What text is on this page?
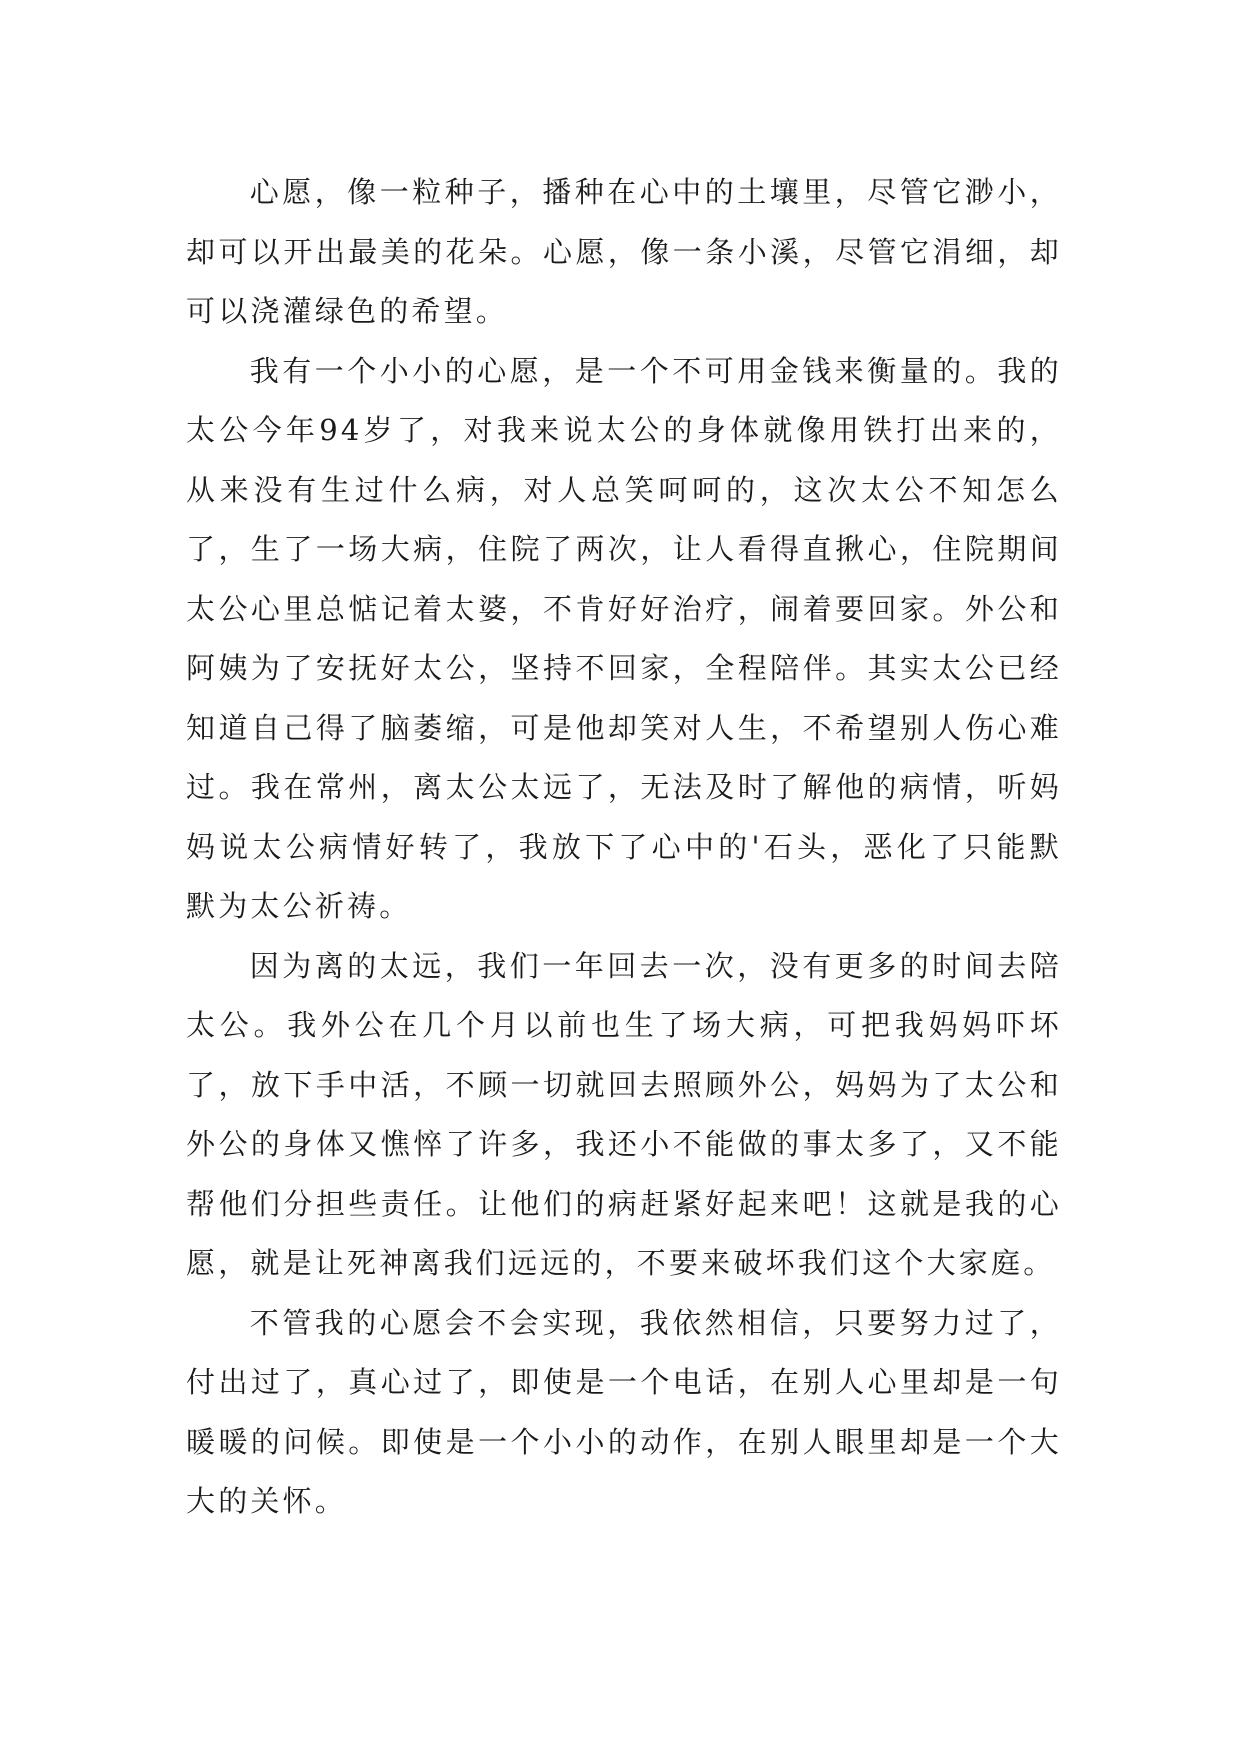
心愿，像一粒种子，播种在心中的土壤里，尽管它渺小，却可以开出最美的花朵。心愿，像一条小溪，尽管它涓细，却可以浇灌绿色的希望。

我有一个小小的心愿，是一个不可用金钱来衡量的。我的太公今年94岁了，对我来说太公的身体就像用铁打出来的，从来没有生过什么病，对人总笑呵呵的，这次太公不知怎么了，生了一场大病，住院了两次，让人看得直揪心，住院期间太公心里总惦记着太婆，不肯好好治疗，闹着要回家。外公和阿姨为了安抚好太公，坚持不回家，全程陪伴。其实太公已经知道自己得了脑萎缩，可是他却笑对人生，不希望别人伤心难过。我在常州，离太公太远了，无法及时了解他的病情，听妈妈说太公病情好转了，我放下了心中的'石头，恶化了只能默默为太公祈祷。

因为离的太远，我们一年回去一次，没有更多的时间去陪太公。我外公在几个月以前也生了场大病，可把我妈妈吓坏了，放下手中活，不顾一切就回去照顾外公，妈妈为了太公和外公的身体又憔悴了许多，我还小不能做的事太多了，又不能帮他们分担些责任。让他们的病赶紧好起来吧！这就是我的心愿，就是让死神离我们远远的，不要来破坏我们这个大家庭。

不管我的心愿会不会实现，我依然相信，只要努力过了，付出过了，真心过了，即使是一个电话，在别人心里却是一句暖暖的问候。即使是一个小小的动作，在别人眼里却是一个大大的关怀。
